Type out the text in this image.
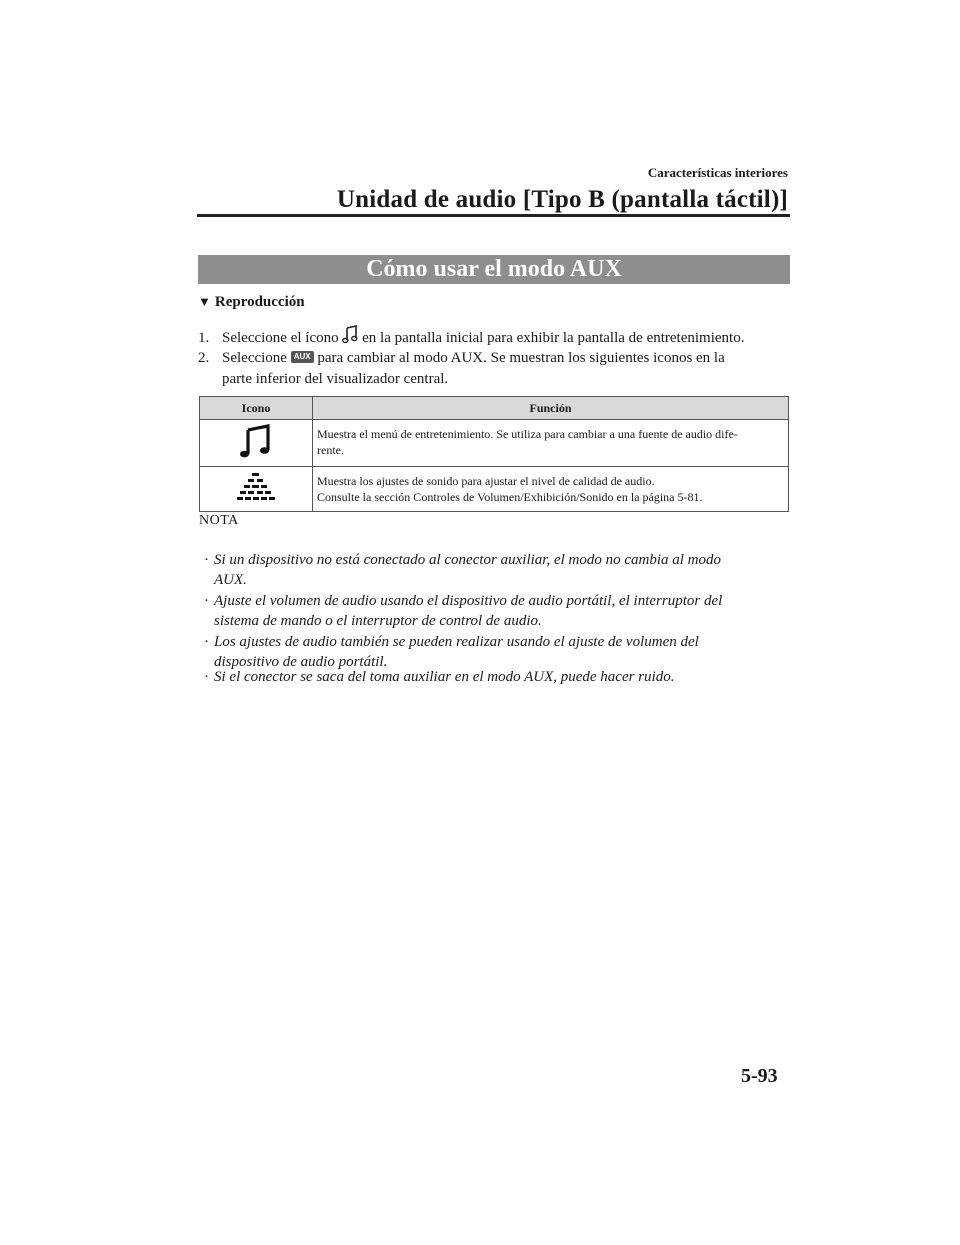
Características interiores
Unidad de audio [Tipo B (pantalla táctil)]
Cómo usar el modo AUX
▼ Reproducción
1. Seleccione el ícono en la pantalla inicial para exhibir la pantalla de entretenimiento.
2. Seleccione AUX para cambiar al modo AUX. Se muestran los siguientes iconos en la
parte inferior del visualizador central.
Icono	Función

Muestra el menú de entretenimiento. Se utiliza para cambiar a una fuente de audio dife-
rente.

Muestra los ajustes de sonido para ajustar el nivel de calidad de audio.
Consulte la sección Controles de Volumen/Exhibición/Sonido en la página 5-81.
NOTA
· Si un dispositivo no está conectado al conector auxiliar, el modo no cambia al modo
AUX.
· Ajuste el volumen de audio usando el dispositivo de audio portátil, el interruptor del
sistema de mando o el interruptor de control de audio.
· Los ajustes de audio también se pueden realizar usando el ajuste de volumen del
dispositivo de audio portátil.
· Si el conector se saca del toma auxiliar en el modo AUX, puede hacer ruido.
5-93
